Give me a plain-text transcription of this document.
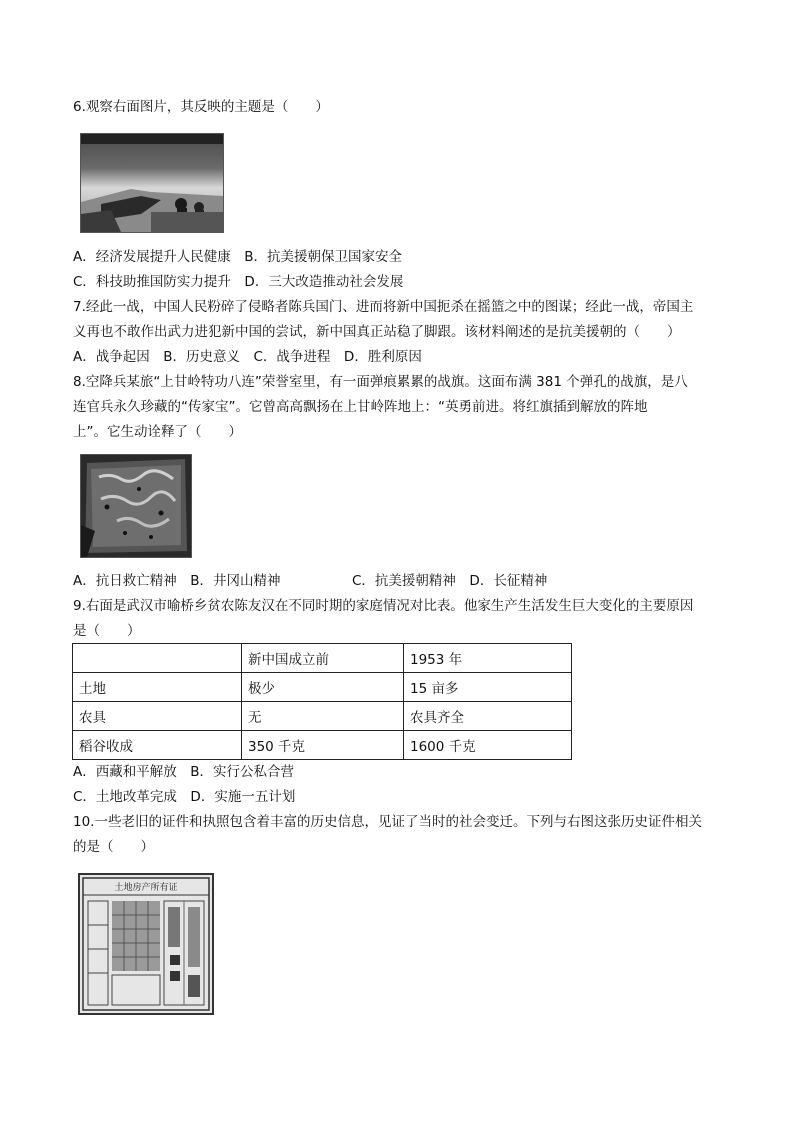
6.观察右面图片，其反映的主题是（　　）
A．经济发展提升人民健康　B．抗美援朝保卫国家安全
C．科技助推国防实力提升　D．三大改造推动社会发展
7.经此一战，中国人民粉碎了侵略者陈兵国门、进而将新中国扼杀在摇篮之中的图谋；经此一战，帝国主
义再也不敢作出武力进犯新中国的尝试，新中国真正站稳了脚跟。该材料阐述的是抗美援朝的（　　）
A．战争起因　B．历史意义　C．战争进程　D．胜利原因
8.空降兵某旅“上甘岭特功八连”荣誉室里，有一面弹痕累累的战旗。这面布满 381 个弹孔的战旗，是八
连官兵永久珍藏的“传家宝”。它曾高高飘扬在上甘岭阵地上：“英勇前进。将红旗插到解放的阵地
上”。它生动诠释了（　　）
A．抗日救亡精神　B．井冈山精神	C．抗美援朝精神　D．长征精神
9.右面是武汉市喻桥乡贫农陈友汉在不同时期的家庭情况对比表。他家生产生活发生巨大变化的主要原因
是（　　）
	新中国成立前	1953 年
土地	极少	15 亩多
农具	无	农具齐全
稻谷收成	350 千克	1600 千克
A．西藏和平解放　B．实行公私合营
C．土地改革完成　D．实施一五计划
10.一些老旧的证件和执照包含着丰富的历史信息，见证了当时的社会变迁。下列与右图这张历史证件相关
的是（　　）
土地房产所有证
